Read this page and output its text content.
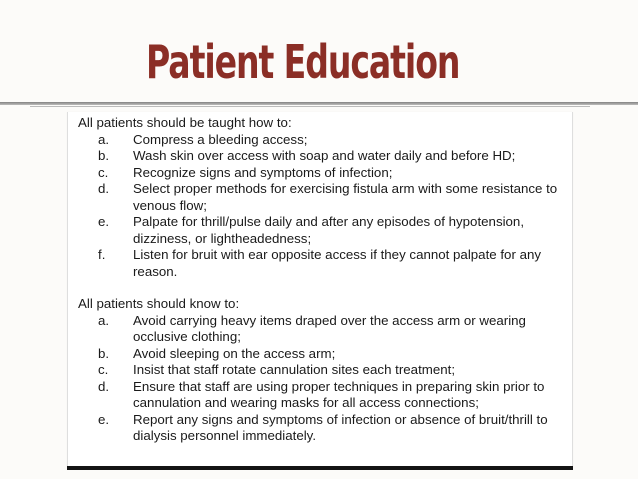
Patient Education

All patients should be taught how to:

a. Compress a bleeding access;
b. Wash skin over access with soap and water daily and before HD;
c. Recognize signs and symptoms of infection;
d. Select proper methods for exercising fistula arm with some resistance to venous flow;
e. Palpate for thrill/pulse daily and after any episodes of hypotension, dizziness, or lightheadedness;
f. Listen for bruit with ear opposite access if they cannot palpate for any reason.

All patients should know to:

a. Avoid carrying heavy items draped over the access arm or wearing occlusive clothing;
b. Avoid sleeping on the access arm;
c. Insist that staff rotate cannulation sites each treatment;
d. Ensure that staff are using proper techniques in preparing skin prior to cannulation and wearing masks for all access connections;
e. Report any signs and symptoms of infection or absence of bruit/thrill to dialysis personnel immediately.
